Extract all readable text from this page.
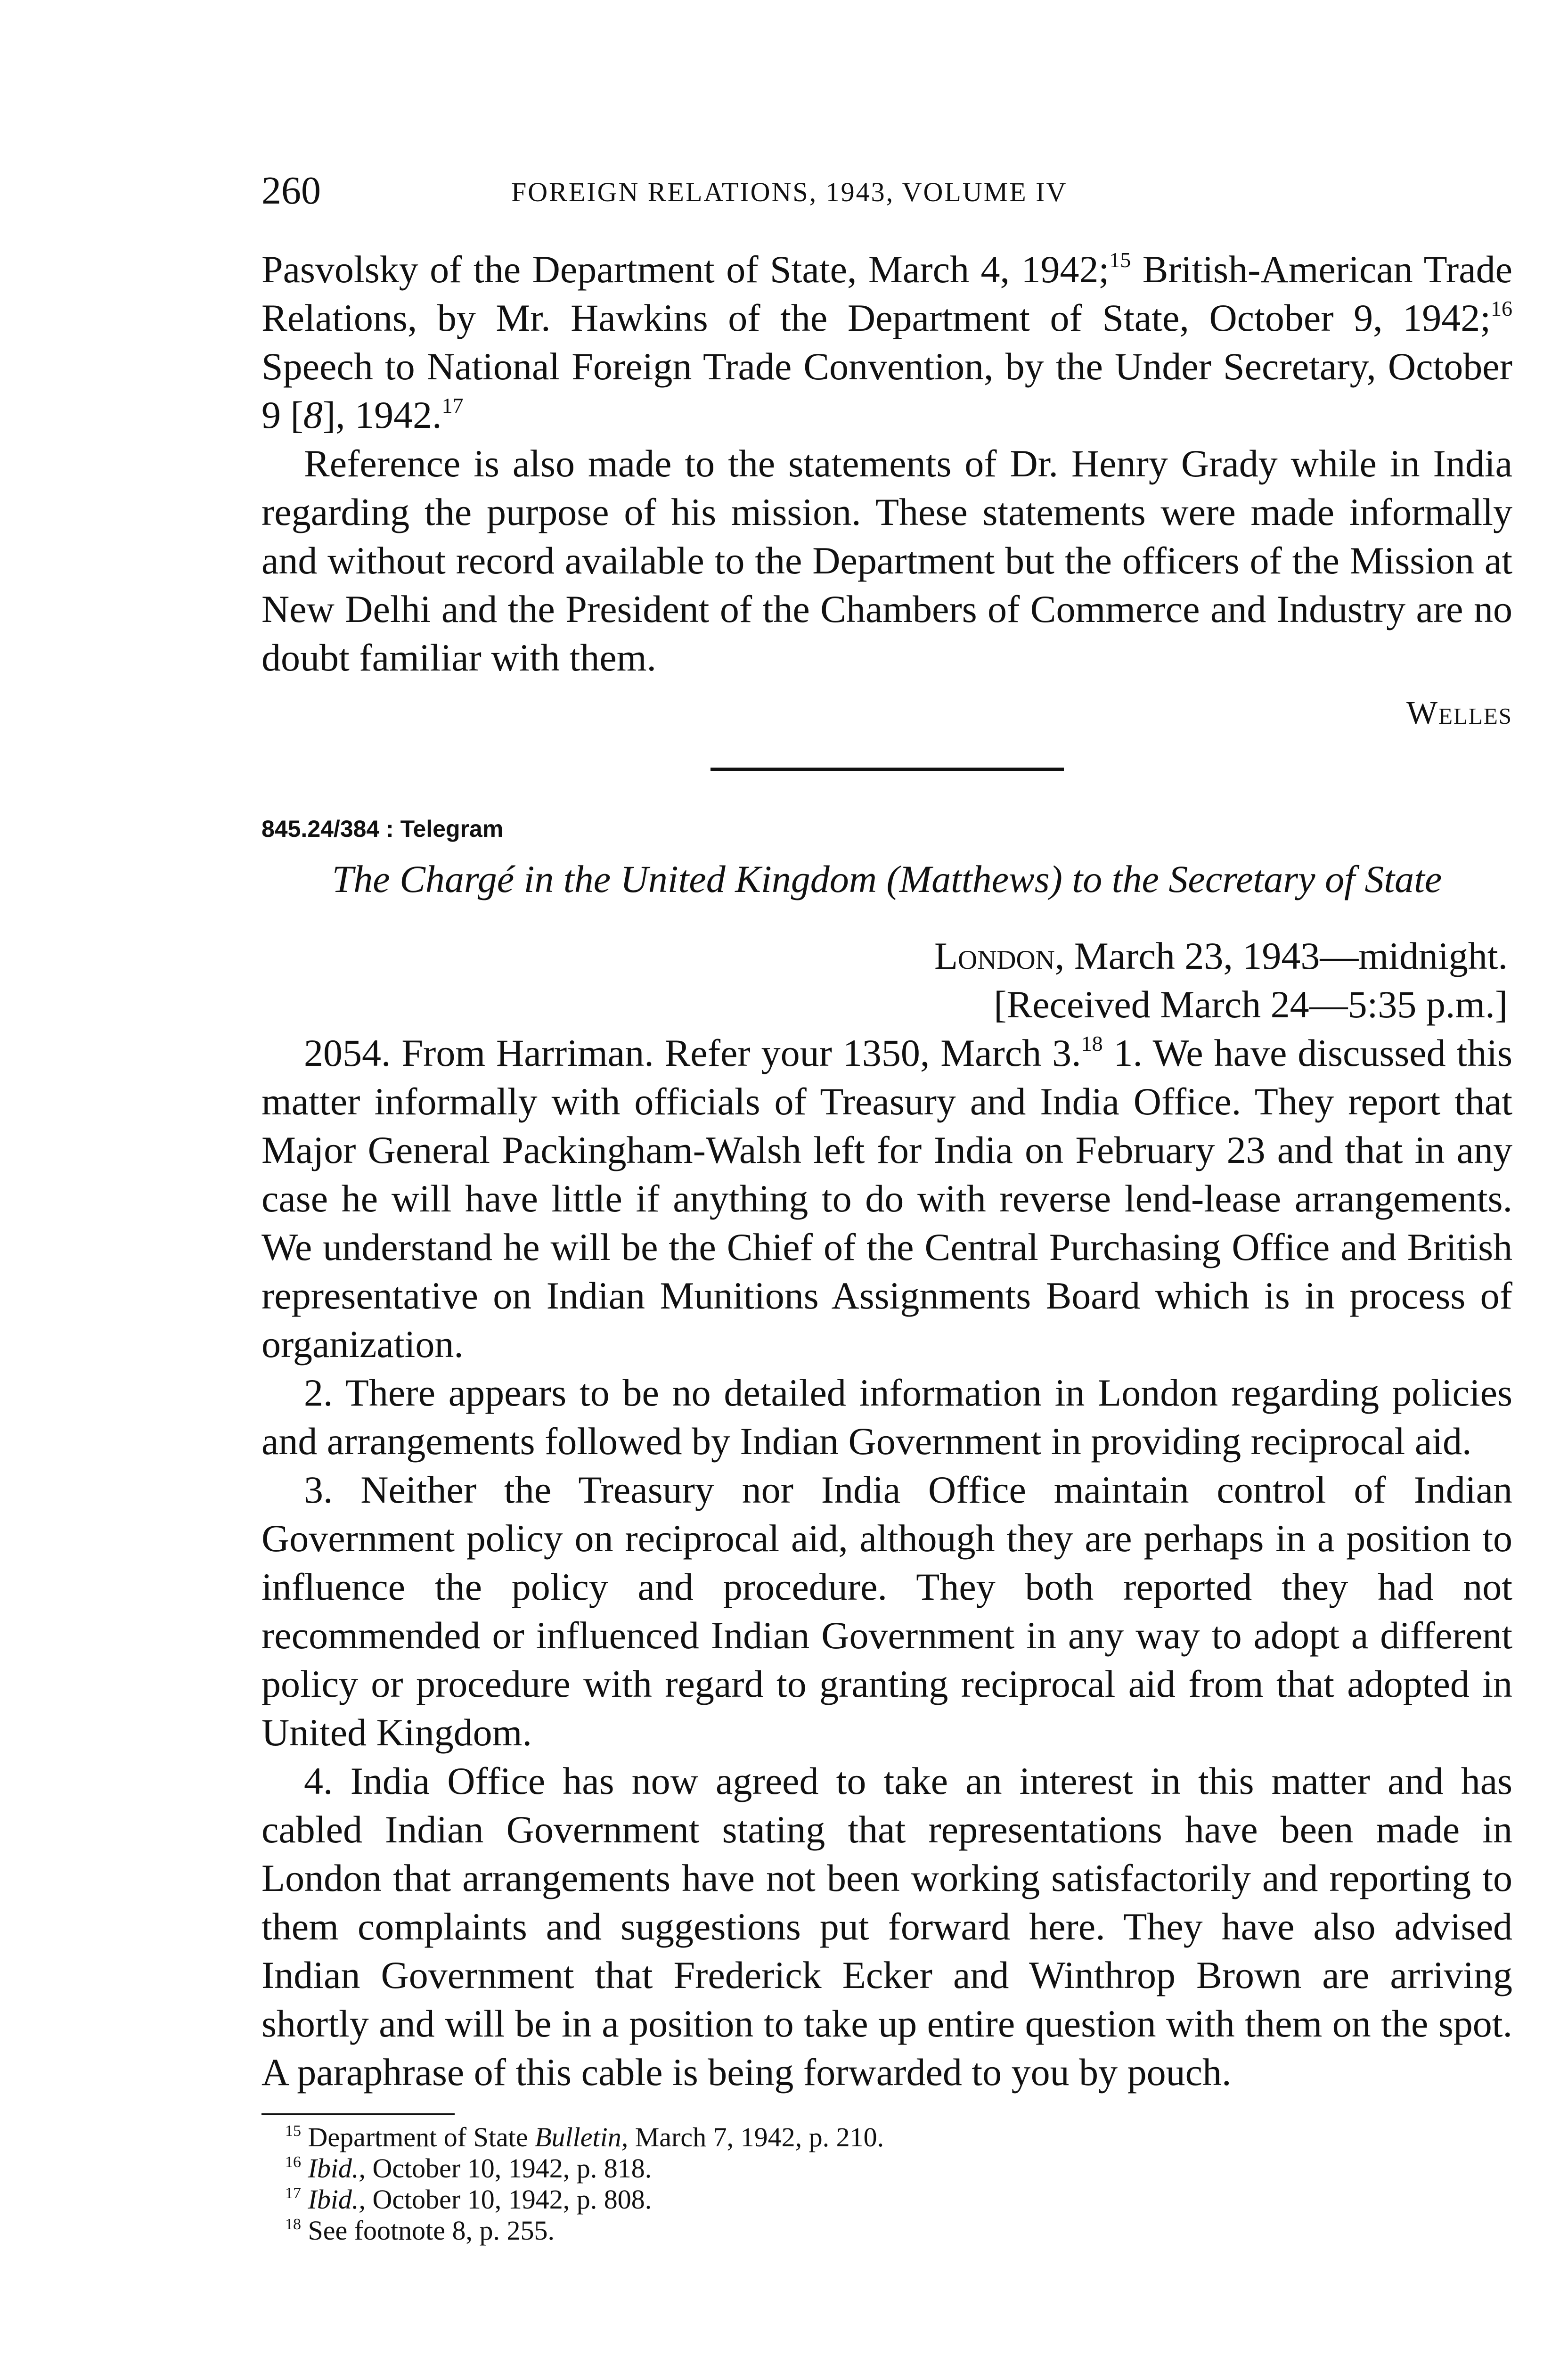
260	FOREIGN RELATIONS, 1943, VOLUME IV

Pasvolsky of the Department of State, March 4, 1942;$^{15}$ British-American Trade Relations, by Mr. Hawkins of the Department of State, October 9, 1942;$^{16}$ Speech to National Foreign Trade Convention, by the Under Secretary, October 9 [8], 1942.17

Reference is also made to the statements of Dr. Henry Grady while in India regarding the purpose of his mission. These statements were made informally and without record available to the Department but the officers of the Mission at New Delhi and the President of the Chambers of Commerce and Industry are no doubt familiar with them.

Welles
845.24/384 : Telegram
The Chargé in the United Kingdom (Matthews) to the Secretary of State
London, March 23, 1943—midnight.
[Received March 24—5:35 p.m.]

2054. From Harriman. Refer your 1350, March 3.18 1. We have discussed this matter informally with officials of Treasury and India Office. They report that Major General Packingham-Walsh left for India on February 23 and that in any case he will have little if anything to do with reverse lend-lease arrangements. We understand he will be the Chief of the Central Purchasing Office and British representative on Indian Munitions Assignments Board which is in process of organization.

2. There appears to be no detailed information in London regarding policies and arrangements followed by Indian Government in providing reciprocal aid.

3. Neither the Treasury nor India Office maintain control of Indian Government policy on reciprocal aid, although they are perhaps in a position to influence the policy and procedure. They both reported they had not recommended or influenced Indian Government in any way to adopt a different policy or procedure with regard to granting reciprocal aid from that adopted in United Kingdom.

4. India Office has now agreed to take an interest in this matter and has cabled Indian Government stating that representations have been made in London that arrangements have not been working satisfactorily and reporting to them complaints and suggestions put forward here. They have also advised Indian Government that Frederick Ecker and Winthrop Brown are arriving shortly and will be in a position to take up entire question with them on the spot. A paraphrase of this cable is being forwarded to you by pouch.

$^{15}$ Department of State Bulletin, March 7, 1942, p. 210.
$^{16}$ Ibid., October 10, 1942, p. 818.
$^{17}$ Ibid., October 10, 1942, p. 808.
$^{18}$ See footnote 8, p. 255.
